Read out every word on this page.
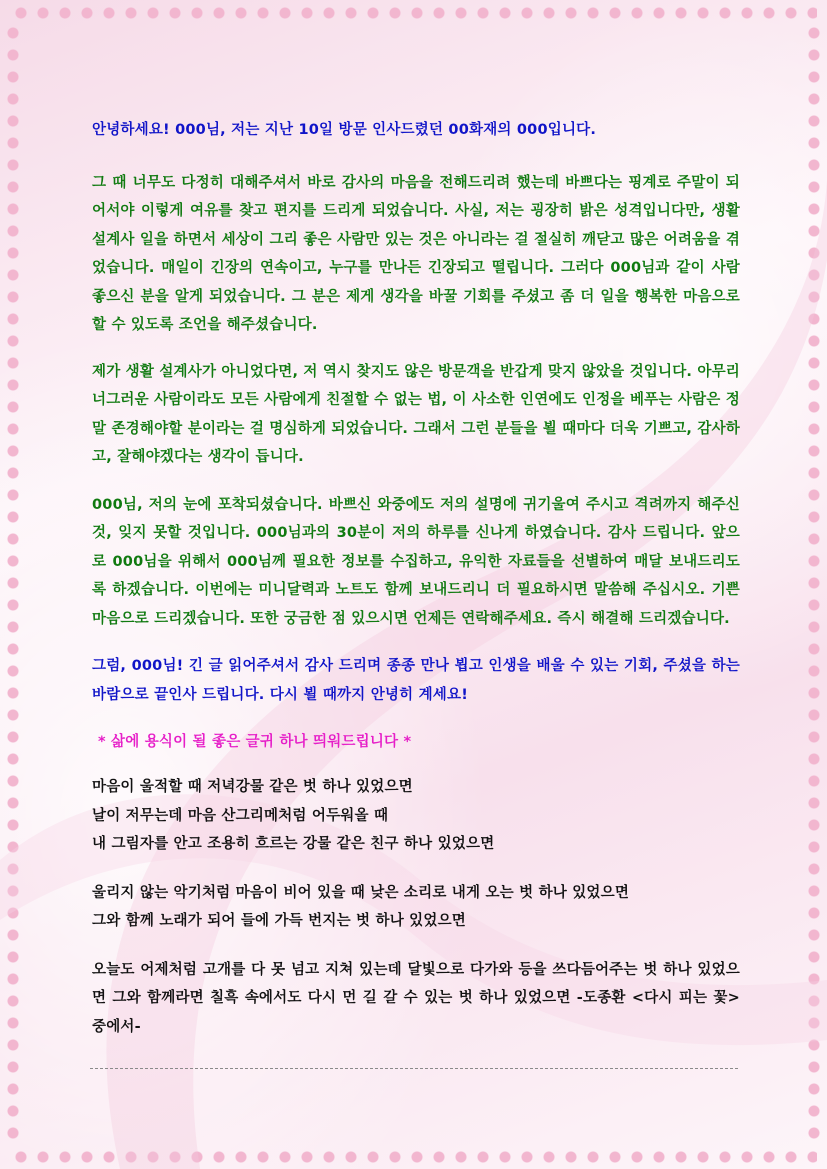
안녕하세요! 000님, 저는 지난 10일 방문 인사드렸던 00화재의 000입니다.

그 때 너무도 다정히 대해주셔서 바로 감사의 마음을 전해드리려 했는데 바쁘다는 핑계로 주말이 되어서야 이렇게 여유를 찾고 편지를 드리게 되었습니다. 사실, 저는 굉장히 밝은 성격입니다만, 생활설계사 일을 하면서 세상이 그리 좋은 사람만 있는 것은 아니라는 걸 절실히 깨닫고 많은 어려움을 겪었습니다. 매일이 긴장의 연속이고, 누구를 만나든 긴장되고 떨립니다. 그러다 000님과 같이 사람 좋으신 분을 알게 되었습니다. 그 분은 제게 생각을 바꿀 기회를 주셨고 좀 더 일을 행복한 마음으로 할 수 있도록 조언을 해주셨습니다.

제가 생활 설계사가 아니었다면, 저 역시 찾지도 않은 방문객을 반갑게 맞지 않았을 것입니다. 아무리 너그러운 사람이라도 모든 사람에게 친절할 수 없는 법, 이 사소한 인연에도 인정을 베푸는 사람은 정말 존경해야할 분이라는 걸 명심하게 되었습니다. 그래서 그런 분들을 뵐 때마다 더욱 기쁘고, 감사하고, 잘해야겠다는 생각이 듭니다.

000님, 저의 눈에 포착되셨습니다. 바쁘신 와중에도 저의 설명에 귀기울여 주시고 격려까지 해주신 것, 잊지 못할 것입니다. 000님과의 30분이 저의 하루를 신나게 하였습니다. 감사 드립니다. 앞으로 000님을 위해서 000님께 필요한 정보를 수집하고, 유익한 자료들을 선별하여 매달 보내드리도록 하겠습니다. 이번에는 미니달력과 노트도 함께 보내드리니 더 필요하시면 말씀해 주십시오. 기쁜 마음으로 드리겠습니다. 또한 궁금한 점 있으시면 언제든 연락해주세요. 즉시 해결해 드리겠습니다.

그럼, 000님! 긴 글 읽어주셔서 감사 드리며 종종 만나 뵙고 인생을 배울 수 있는 기회, 주셨을 하는 바람으로 끝인사 드립니다. 다시 뵐 때까지 안녕히 계세요!

* 삶에 용식이 될 좋은 글귀 하나 띄워드립니다 *

마음이 울적할 때 저녁강물 같은 벗 하나 있었으면

날이 저무는데 마음 산그리메처럼 어두워올 때

내 그림자를 안고 조용히 흐르는 강물 같은 친구 하나 있었으면

울리지 않는 악기처럼 마음이 비어 있을 때 낮은 소리로 내게 오는 벗 하나 있었으면

그와 함께 노래가 되어 들에 가득 번지는 벗 하나 있었으면

오늘도 어제처럼 고개를 다 못 넘고 지쳐 있는데 달빛으로 다가와 등을 쓰다듬어주는 벗 하나 있었으면 그와 함께라면 칠흑 속에서도 다시 먼 길 갈 수 있는 벗 하나 있었으면 -도종환 <다시 피는 꽃> 중에서-
